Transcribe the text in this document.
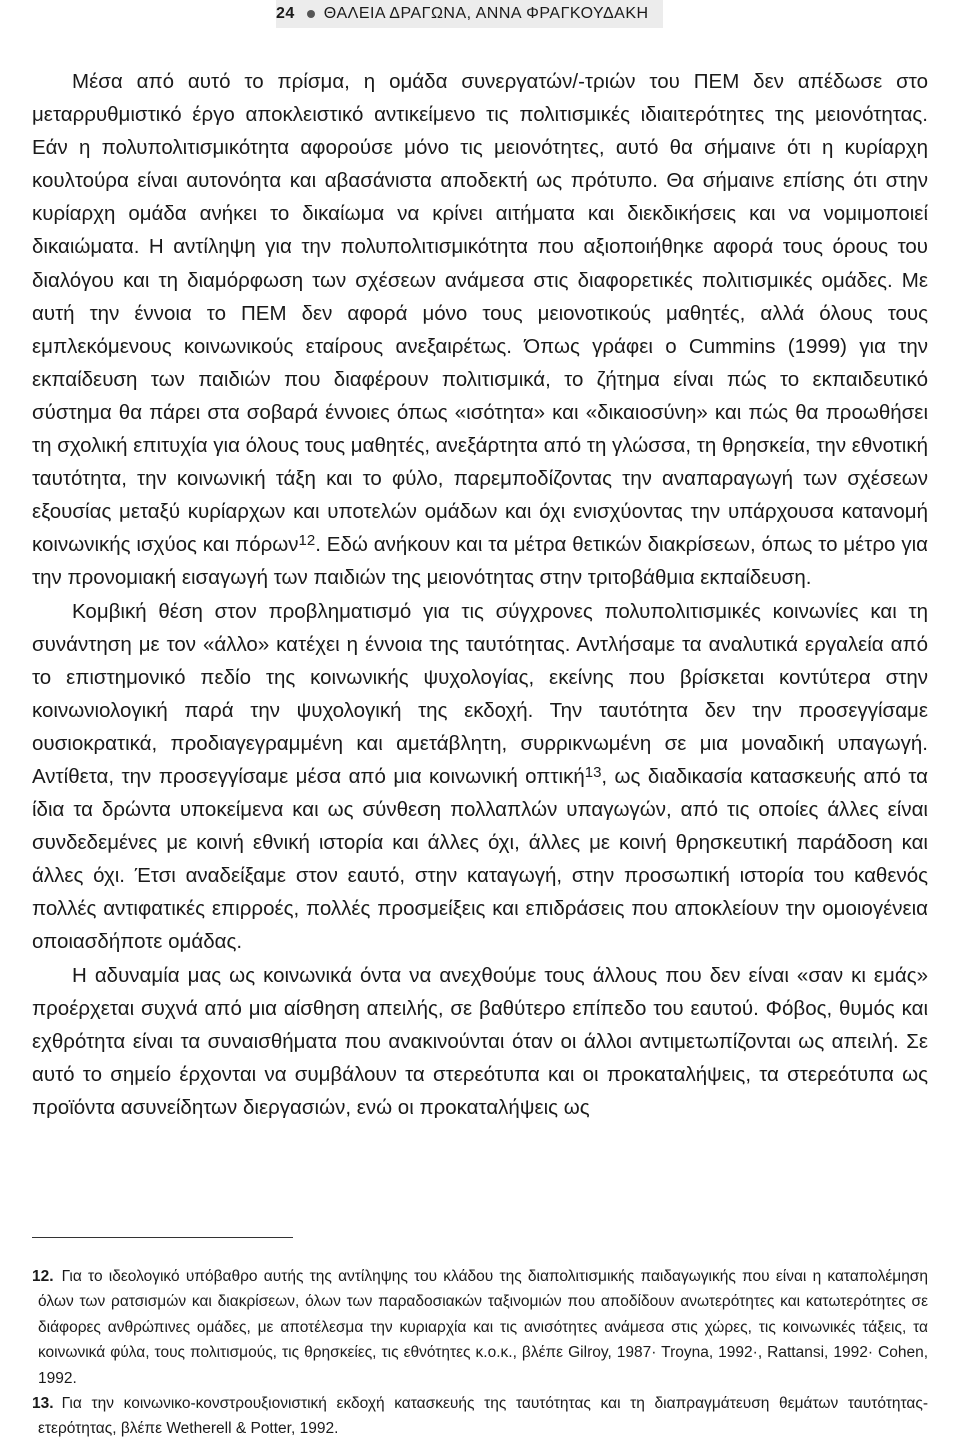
24 ΘΑΛΕΙΑ ΔΡΑΓΩΝΑ, ΑΝΝΑ ΦΡΑΓΚΟΥΔΑΚΗ

Μέσα από αυτό το πρίσμα, η ομάδα συνεργατών/-τριών του ΠΕΜ δεν απέδωσε στο μεταρρυθμιστικό έργο αποκλειστικό αντικείμενο τις πολιτισμικές ιδιαιτερότητες της μειονότητας. Εάν η πολυπολιτισμικότητα αφορούσε μόνο τις μειονότητες, αυτό θα σήμαινε ότι η κυρίαρχη κουλτούρα είναι αυτονόητα και αβασάνιστα αποδεκτή ως πρότυπο. Θα σήμαινε επίσης ότι στην κυρίαρχη ομάδα ανήκει το δικαίωμα να κρίνει αιτήματα και διεκδικήσεις και να νομιμοποιεί δικαιώματα. Η αντίληψη για την πολυπολιτισμικότητα που αξιοποιήθηκε αφορά τους όρους του διαλόγου και τη διαμόρφωση των σχέσεων ανάμεσα στις διαφορετικές πολιτισμικές ομάδες. Με αυτή την έννοια το ΠΕΜ δεν αφορά μόνο τους μειονοτικούς μαθητές, αλλά όλους τους εμπλεκόμενους κοινωνικούς εταίρους ανεξαιρέτως. Όπως γράφει ο Cummins (1999) για την εκπαίδευση των παιδιών που διαφέρουν πολιτισμικά, το ζήτημα είναι πώς το εκπαιδευτικό σύστημα θα πάρει στα σοβαρά έννοιες όπως «ισότητα» και «δικαιοσύνη» και πώς θα προωθήσει τη σχολική επιτυχία για όλους τους μαθητές, ανεξάρτητα από τη γλώσσα, τη θρησκεία, την εθνοτική ταυτότητα, την κοινωνική τάξη και το φύλο, παρεμποδίζοντας την αναπαραγωγή των σχέσεων εξουσίας μεταξύ κυρίαρχων και υποτελών ομάδων και όχι ενισχύοντας την υπάρχουσα κατανομή κοινωνικής ισχύος και πόρων$^{12}$. Εδώ ανήκουν και τα μέτρα θετικών διακρίσεων, όπως το μέτρο για την προνομιακή εισαγωγή των παιδιών της μειονότητας στην τριτοβάθμια εκπαίδευση.

Κομβική θέση στον προβληματισμό για τις σύγχρονες πολυπολιτισμικές κοινωνίες και τη συνάντηση με τον «άλλο» κατέχει η έννοια της ταυτότητας. Αντλήσαμε τα αναλυτικά εργαλεία από το επιστημονικό πεδίο της κοινωνικής ψυχολογίας, εκείνης που βρίσκεται κοντύτερα στην κοινωνιολογική παρά την ψυχολογική της εκδοχή. Την ταυτότητα δεν την προσεγγίσαμε ουσιοκρατικά, προδιαγεγραμμένη και αμετάβλητη, συρρικνωμένη σε μια μοναδική υπαγωγή. Αντίθετα, την προσεγγίσαμε μέσα από μια κοινωνική οπτική$^{13}$, ως διαδικασία κατασκευής από τα ίδια τα δρώντα υποκείμενα και ως σύνθεση πολλαπλών υπαγωγών, από τις οποίες άλλες είναι συνδεδεμένες με κοινή εθνική ιστορία και άλλες όχι, άλλες με κοινή θρησκευτική παράδοση και άλλες όχι. Έτσι αναδείξαμε στον εαυτό, στην καταγωγή, στην προσωπική ιστορία του καθενός πολλές αντιφατικές επιρροές, πολλές προσμείξεις και επιδράσεις που αποκλείουν την ομοιογένεια οποιασδήποτε ομάδας.

Η αδυναμία μας ως κοινωνικά όντα να ανεχθούμε τους άλλους που δεν είναι «σαν κι εμάς» προέρχεται συχνά από μια αίσθηση απειλής, σε βαθύτερο επίπεδο του εαυτού. Φόβος, θυμός και εχθρότητα είναι τα συναισθήματα που ανακινούνται όταν οι άλλοι αντιμετωπίζονται ως απειλή. Σε αυτό το σημείο έρχονται να συμβάλουν τα στερεότυπα και οι προκαταλήψεις, τα στερεότυπα ως προϊόντα ασυνείδητων διεργασιών, ενώ οι προκαταλήψεις ως

12. Για το ιδεολογικό υπόβαθρο αυτής της αντίληψης του κλάδου της διαπολιτισμικής παιδαγωγικής που είναι η καταπολέμηση όλων των ρατσισμών και διακρίσεων, όλων των παραδοσιακών ταξινομιών που αποδίδουν ανωτερότητες και κατωτερότητες σε διάφορες ανθρώπινες ομάδες, με αποτέλεσμα την κυριαρχία και τις ανισότητες ανάμεσα στις χώρες, τις κοινωνικές τάξεις, τα κοινωνικά φύλα, τους πολιτισμούς, τις θρησκείες, τις εθνότητες κ.ο.κ., βλέπε Gilroy, 1987· Troyna, 1992·, Rattansi, 1992· Cohen, 1992.
13. Για την κοινωνικο-κονστρουξιονιστική εκδοχή κατασκευής της ταυτότητας και τη διαπραγμάτευση θεμάτων ταυτότητας-ετερότητας, βλέπε Wetherell & Potter, 1992.
